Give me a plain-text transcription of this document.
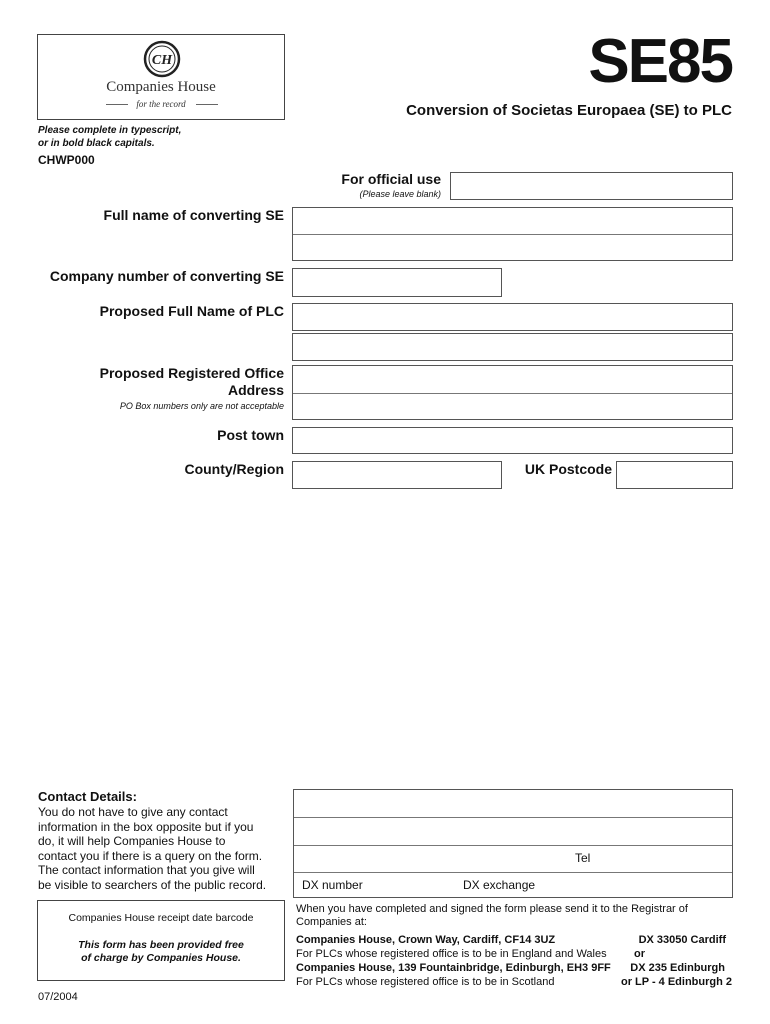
CH
Companies House
for the record
SE85
Conversion of Societas Europaea (SE) to PLC
Please complete in typescript,
or in bold black capitals.
CHWP000
For official use
(Please leave blank)
Full name of converting SE
Company number of converting SE
Proposed Full Name of PLC
Proposed Registered Office
Address
PO Box numbers only are not acceptable
Post town
County/Region	UK Postcode
Contact Details:
You do not have to give any contact
information in the box opposite but if you
do, it will help Companies House to
contact you if there is a query on the form.
The contact information that you give will
be visible to searchers of the public record.
Tel
DX number	DX exchange
Companies House receipt date barcode
This form has been provided free
of charge by Companies House.
When you have completed and signed the form please send it to the Registrar of
Companies at:
Companies House, Crown Way, Cardiff, CF14 3UZ	DX 33050 Cardiff
For PLCs whose registered office is to be in England and Wales or
Companies House, 139 Fountainbridge, Edinburgh, EH3 9FF DX 235 Edinburgh
For PLCs whose registered office is to be in Scotland	or LP - 4 Edinburgh 2
07/2004
